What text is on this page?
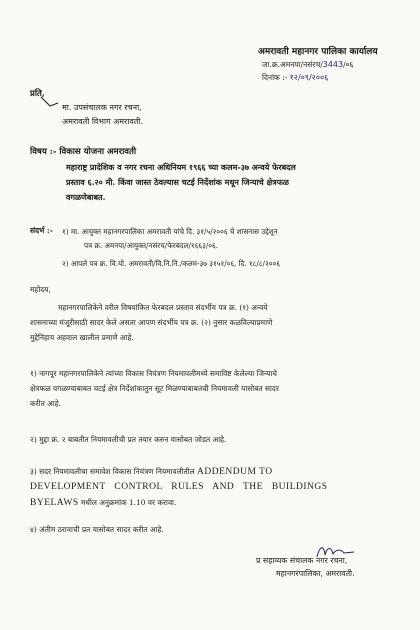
अमरावती महानगर पालिका कार्यालय
जा.क्र.अमनपा/नसंरच/3443/०६
दिनांक :- १२/०९/२००६
प्रति,
मा. उपसंचालक नगर रचना,
अमरावती विभाग अमरावती.
विषय :- विकास योजना अमरावती
महाराष्ट्र प्रादेशिक व नगर रचना अधिनियम १९६६ च्या कलम-३७ अन्वये फेरबदल
प्रस्ताव ६.२० मी. किंवा जास्त ठेवल्यास चटई निर्देशांक मधून जिन्याचे क्षेत्रफळ
वगळणेबाबत.
संदर्भ :- १) मा. आयुक्त महानगरपालिका अमरावती यांचे दि. ३१/५/२००६ चे शासनास उद्देशून
पत्र क्र. अमनपा/आयुक्त/नसंरच/फेरबदल/१६६३/०६.
२) आपले पत्र क्र. वि.यो. अमरावती/वि.नि.नि./कलम-३७ ३१५१/०६, दि. १८/८/२००६
महोदय,
महानगरपालिकेने वरील विषयांकित फेरबदल प्रस्ताव संदर्भीय पत्र क्र. (१) अन्वये
शासनाच्या मंजूरीसाठी सादर केले असता आपण संदर्भीय पत्र क्र. (२) नुसार कळविल्याप्रमाणे
मुद्देनिहाय अहवाल खालील प्रमाणे आहे.
१) नागपूर महानगरपालिकेने त्यांच्या विकास नियंत्रण नियमावलीमध्ये समाविष्ट केलेल्या जिन्याचे
क्षेत्रफळ वगळण्याबाबत चटई क्षेत्र निर्देशांकातुन सूट मिळण्याबाबतची नियमावली यासोबत सादर
करीत आहे.
२) मुद्दा क्र. २ बाबतीत नियमावलीची प्रत तयार करुन यासोबत जोडत आहे.
३) सदर नियमावलीचा समावेश विकास नियंत्रण नियमावलीतील ADDENDUM TO
DEVELOPMENT CONTROL RULES AND THE BUILDINGS
BYELAWS मधील अनुक्रमांक 1.10 वर करावा.
४) अंतीम ठरावाची प्रत यासोबत सादर करीत आहे.
प्र सहाय्यक संचालक नगर रचना,
महानगरपालिका, अमरावती.
